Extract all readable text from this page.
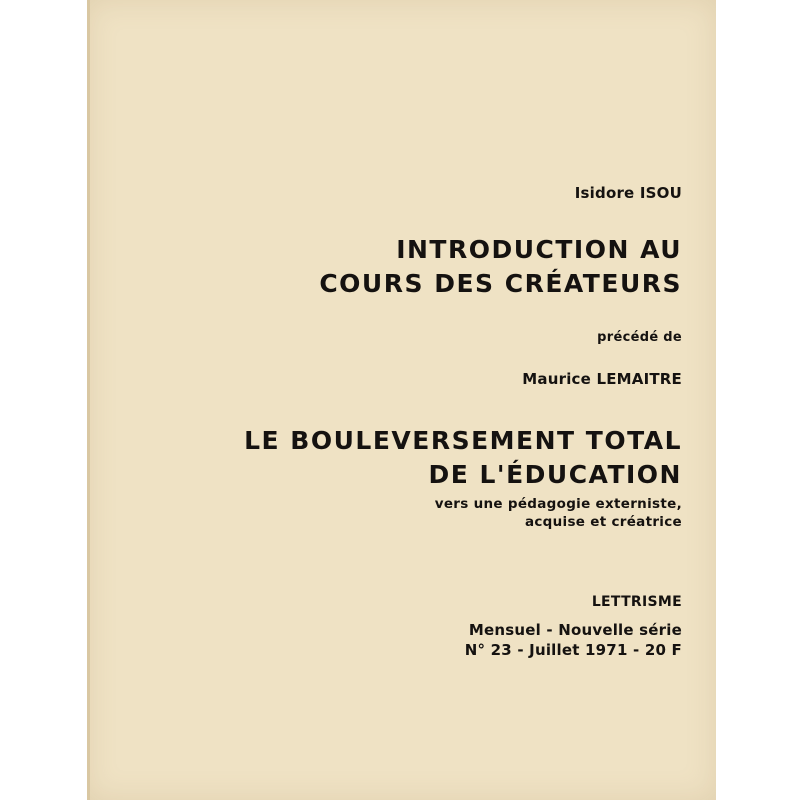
Isidore ISOU
INTRODUCTION AU
COURS DES CRÉATEURS
précédé de
Maurice LEMAITRE
LE BOULEVERSEMENT TOTAL
DE L'ÉDUCATION
vers une pédagogie externiste,
acquise et créatrice
LETTRISME
Mensuel - Nouvelle série
N° 23 - Juillet 1971 - 20 F
